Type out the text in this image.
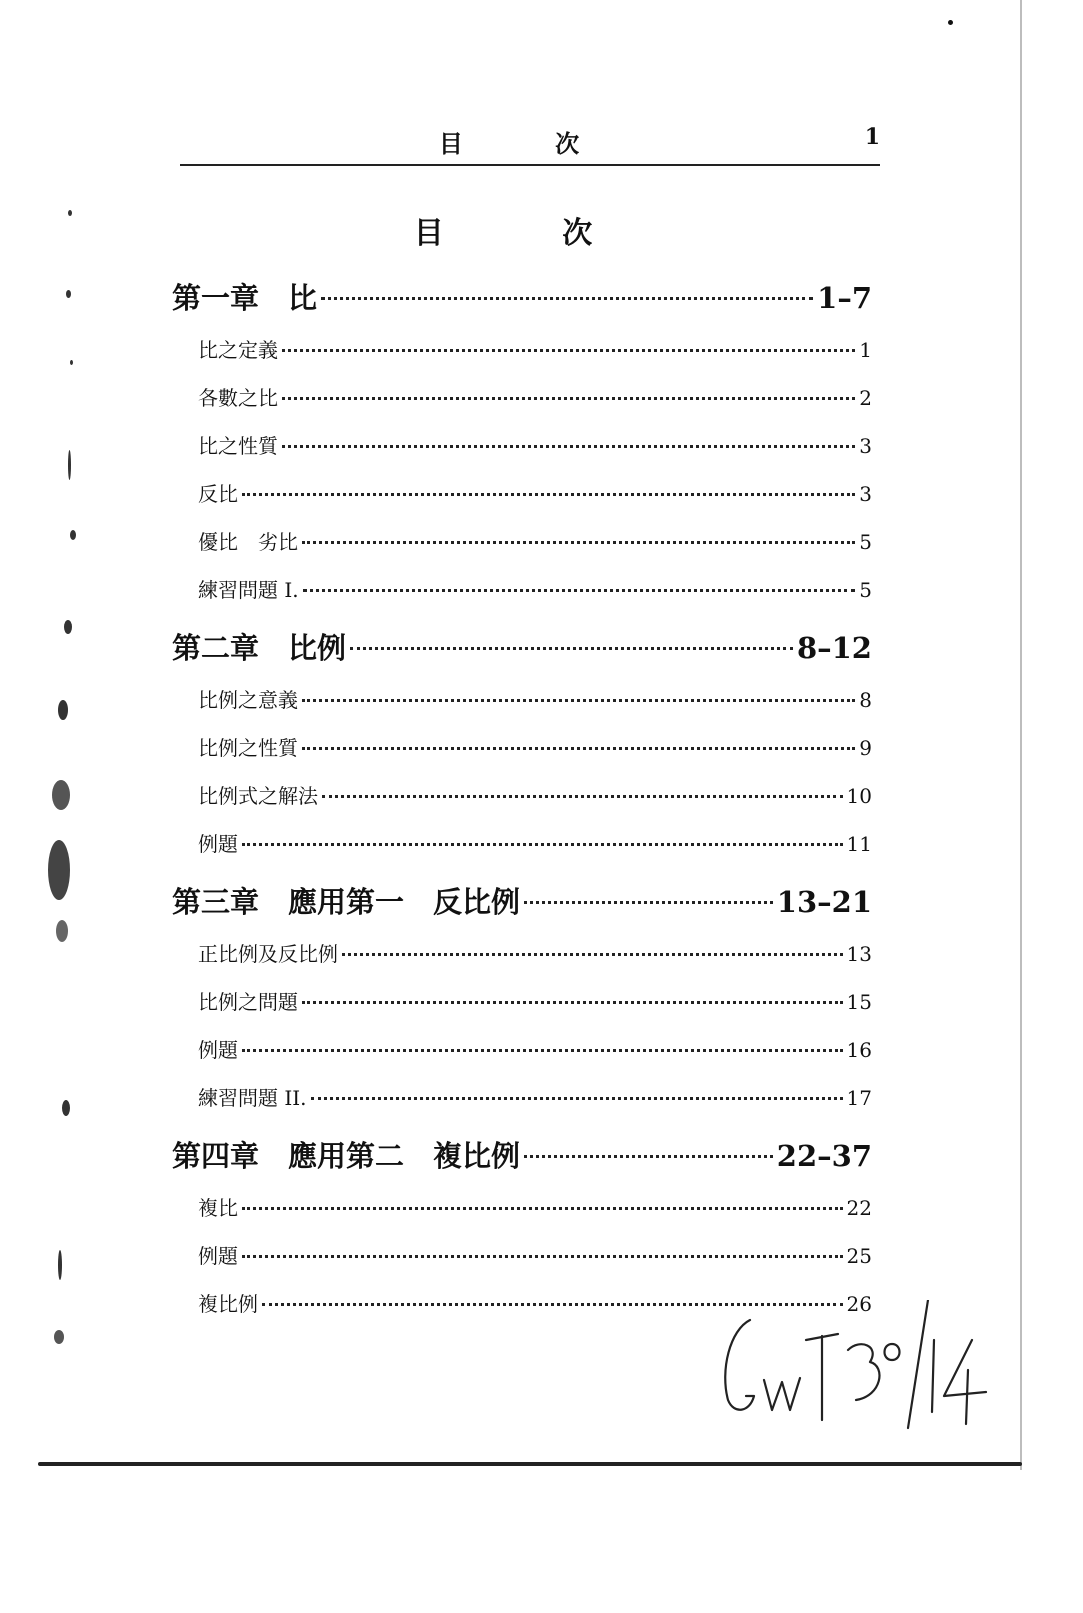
目 次	1
目 次
第一章　比	1–7
比之定義	1
各數之比	2
比之性質	3
反比	3
優比　劣比	5
練習問題 I.	5
第二章　比例	8–12
比例之意義	8
比例之性質	9
比例式之解法	10
例題	11
第三章　應用第一　反比例	13–21
正比例及反比例	13
比例之問題	15
例題	16
練習問題 II.	17
第四章　應用第二　複比例	22–37
複比	22
例題	25
複比例	26
